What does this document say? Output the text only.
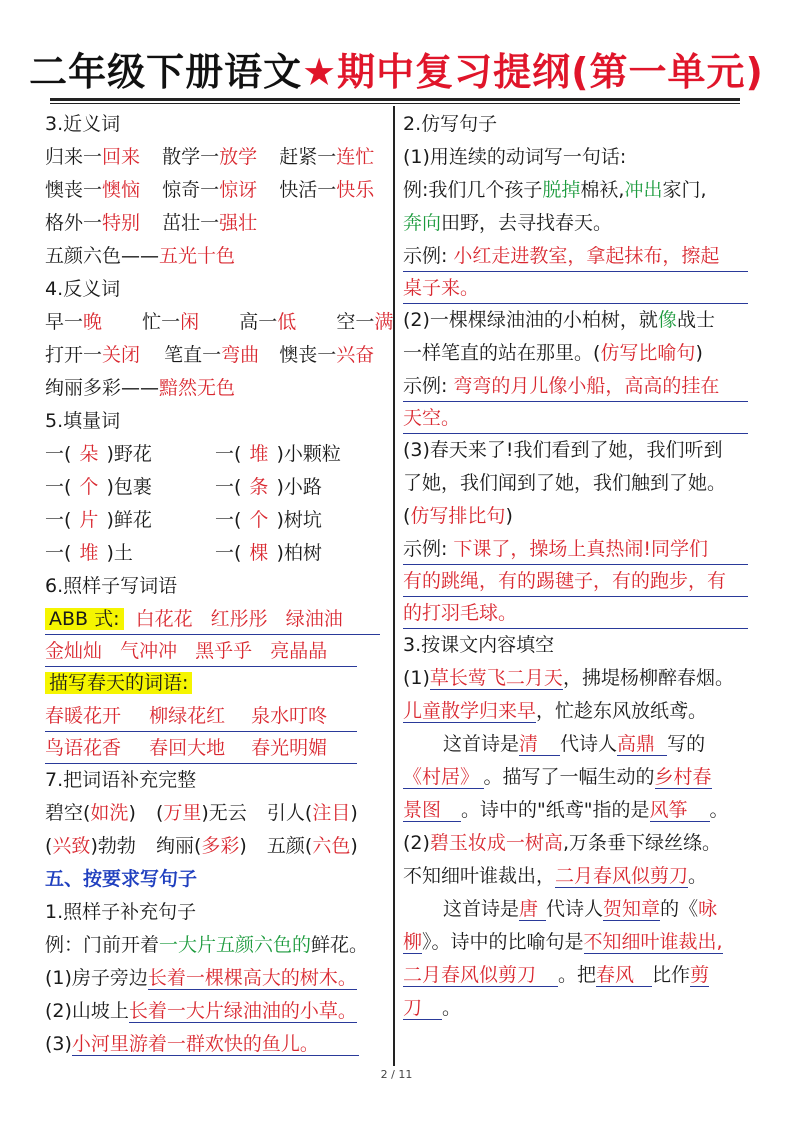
二年级下册语文★期中复习提纲(第一单元)
3.近义词
归来一回来 散学一放学 赶紧一连忙
懊丧一懊恼 惊奇一惊讶 快活一快乐
格外一特别 茁壮一强壮
五颜六色——五光十色
4.反义词
早一晚 忙一闲 高一低 空一满
打开一关闭 笔直一弯曲 懊丧一兴奋
绚丽多彩——黯然无色
5.填量词
一( 朵 )野花	一( 堆 )小颗粒
一( 个 )包裹	一( 条 )小路
一( 片 )鲜花	一( 个 )树坑
一( 堆 )土	一( 棵 )柏树
6.照样子写词语
ABB 式: 白花花 红彤彤 绿油油
金灿灿 气冲冲 黑乎乎 亮晶晶
描写春天的词语:
春暖花开 柳绿花红 泉水叮咚
鸟语花香 春回大地 春光明媚
7.把词语补充完整
碧空(如洗) (万里)无云 引人(注目)
(兴致)勃勃 绚丽(多彩) 五颜(六色)
五、按要求写句子
1.照样子补充句子
例：门前开着一大片五颜六色的鲜花。
(1)房子旁边长着一棵棵高大的树木。
(2)山坡上长着一大片绿油油的小草。
(3)小河里游着一群欢快的鱼儿。
2.仿写句子
(1)用连续的动词写一句话:
例:我们几个孩子脱掉棉袄,冲出家门,
奔向田野，去寻找春天。
示例: 小红走进教室，拿起抹布，擦起
桌子来。
(2)一棵棵绿油油的小柏树，就像战士
一样笔直的站在那里。(仿写比喻句)
示例: 弯弯的月儿像小船，高高的挂在
天空。
(3)春天来了!我们看到了她，我们听到
了她，我们闻到了她，我们触到了她。
(仿写排比句)
示例: 下课了，操场上真热闹!同学们
有的跳绳，有的踢毽子，有的跑步，有
的打羽毛球。
3.按课文内容填空
(1)草长莺飞二月天，拂堤杨柳醉春烟。
儿童散学归来早，忙趁东风放纸鸢。
这首诗是清 代诗人高鼎 写的
《村居》 。描写了一幅生动的乡村春
景图 。诗中的"纸鸢"指的是风筝 。
(2)碧玉妆成一树高,万条垂下绿丝绦。
不知细叶谁裁出，二月春风似剪刀。
这首诗是唐 代诗人贺知章的《咏
柳》。诗中的比喻句是不知细叶谁裁出,
二月春风似剪刀 。把春风 比作剪
刀 。
2 / 11
